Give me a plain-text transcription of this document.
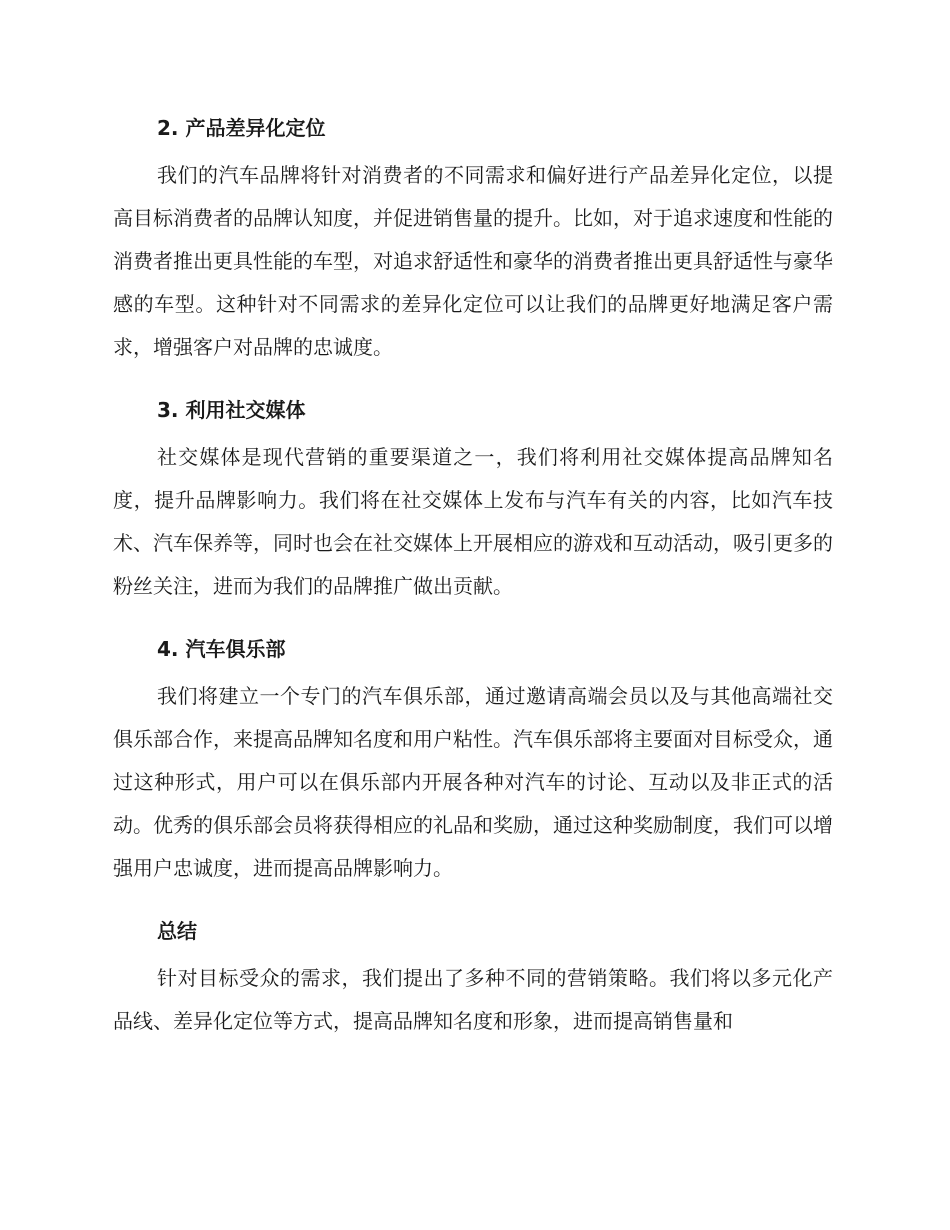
2. 产品差异化定位
我们的汽车品牌将针对消费者的不同需求和偏好进行产品差异化定位，以提高目标消费者的品牌认知度，并促进销售量的提升。比如，对于追求速度和性能的消费者推出更具性能的车型，对追求舒适性和豪华的消费者推出更具舒适性与豪华感的车型。这种针对不同需求的差异化定位可以让我们的品牌更好地满足客户需求，增强客户对品牌的忠诚度。
3. 利用社交媒体
社交媒体是现代营销的重要渠道之一，我们将利用社交媒体提高品牌知名度，提升品牌影响力。我们将在社交媒体上发布与汽车有关的内容，比如汽车技术、汽车保养等，同时也会在社交媒体上开展相应的游戏和互动活动，吸引更多的粉丝关注，进而为我们的品牌推广做出贡献。
4. 汽车俱乐部
我们将建立一个专门的汽车俱乐部，通过邀请高端会员以及与其他高端社交俱乐部合作，来提高品牌知名度和用户粘性。汽车俱乐部将主要面对目标受众，通过这种形式，用户可以在俱乐部内开展各种对汽车的讨论、互动以及非正式的活动。优秀的俱乐部会员将获得相应的礼品和奖励，通过这种奖励制度，我们可以增强用户忠诚度，进而提高品牌影响力。
总结
针对目标受众的需求，我们提出了多种不同的营销策略。我们将以多元化产品线、差异化定位等方式，提高品牌知名度和形象，进而提高销售量和
